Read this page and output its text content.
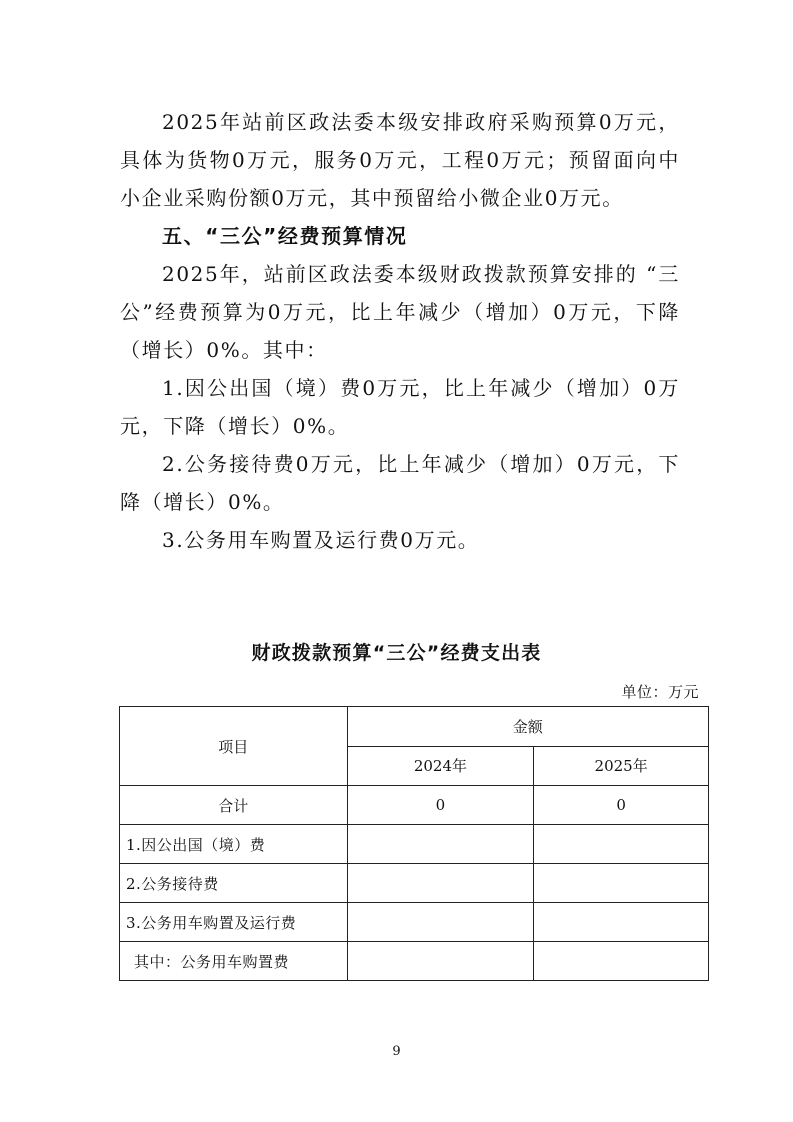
2025年站前区政法委本级安排政府采购预算0万元，具体为货物0万元，服务0万元，工程0万元；预留面向中小企业采购份额0万元，其中预留给小微企业0万元。

五、“三公”经费预算情况

2025年，站前区政法委本级财政拨款预算安排的 “三公”经费预算为0万元，比上年减少（增加）0万元，下降（增长）0%。其中：

1.因公出国（境）费0万元，比上年减少（增加）0万元，下降（增长）0%。

2.公务接待费0万元，比上年减少（增加）0万元，下降（增长）0%。

3.公务用车购置及运行费0万元。

财政拨款预算“三公”经费支出表
单位：万元
项目	金额	
	2024年	2025年
合计	0	0
1.因公出国（境）费		
2.公务接待费		
3.公务用车购置及运行费		
其中：公务用车购置费		
9
